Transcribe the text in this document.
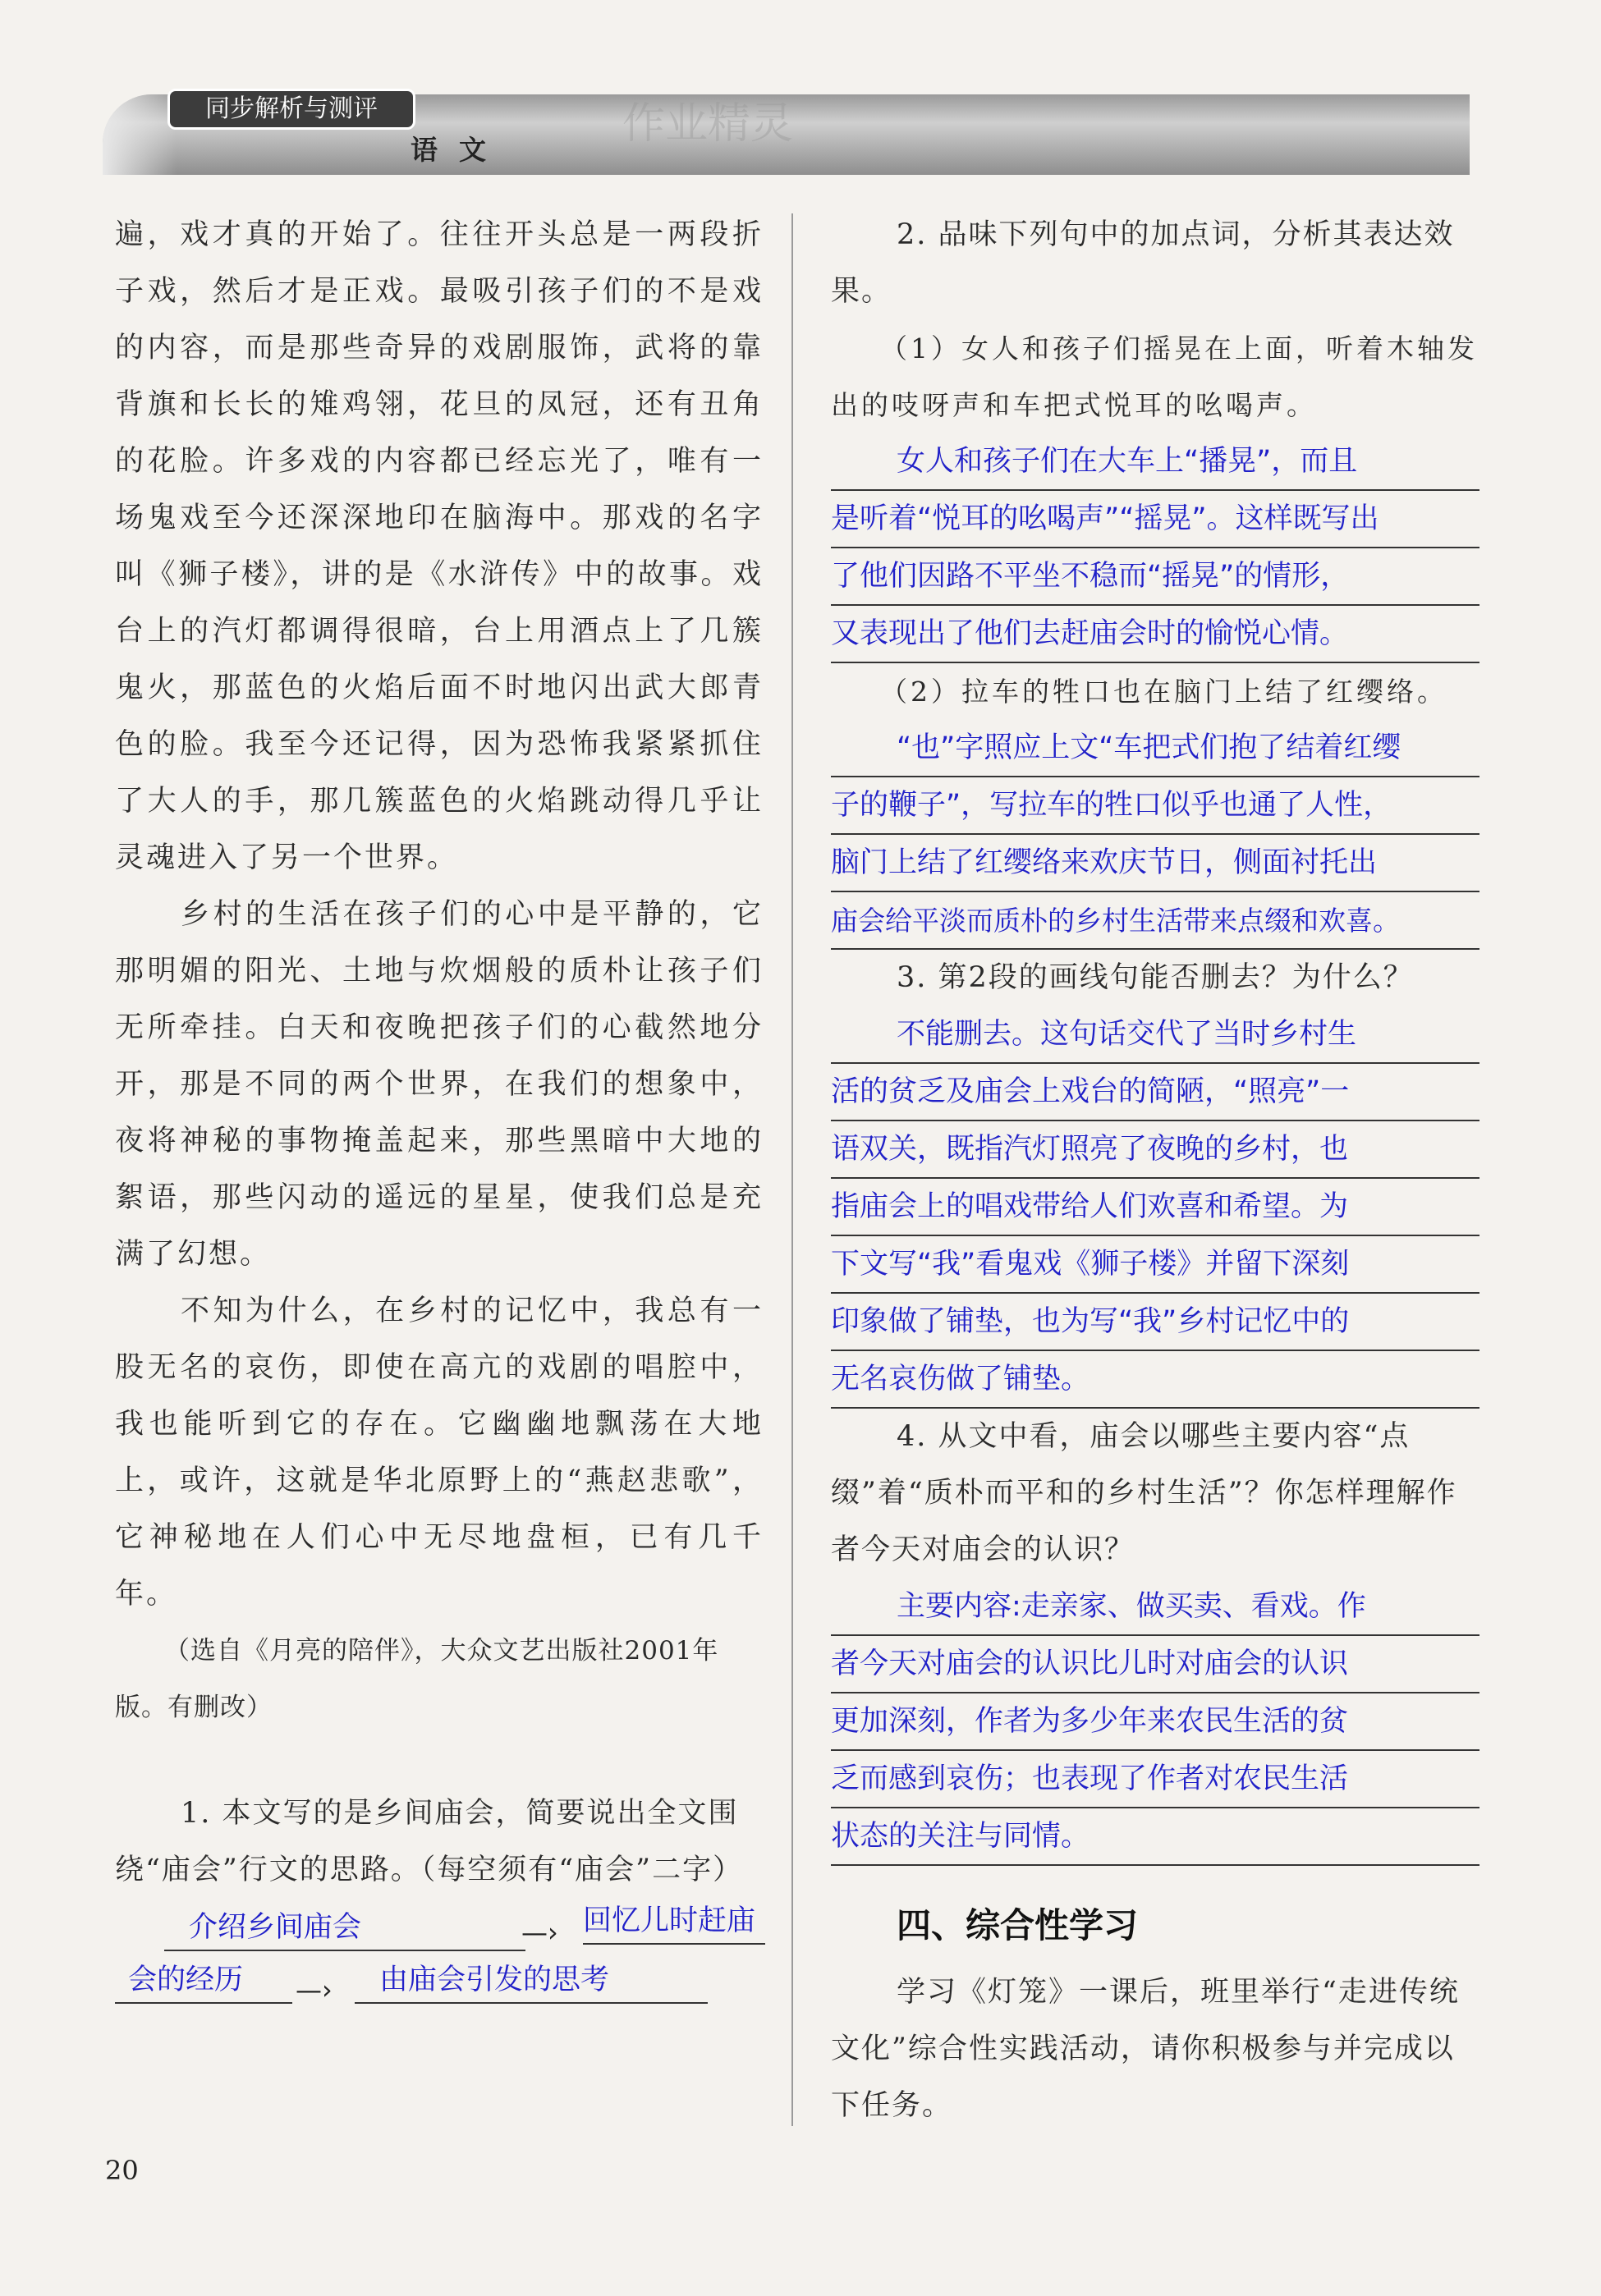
同步解析与测评
语文
作业精灵

遍，戏才真的开始了。往往开头总是一两段折子戏，然后才是正戏。最吸引孩子们的不是戏的内容，而是那些奇异的戏剧服饰，武将的靠背旗和长长的雉鸡翎，花旦的凤冠，还有丑角的花脸。许多戏的内容都已经忘光了，唯有一场鬼戏至今还深深地印在脑海中。那戏的名字叫《狮子楼》，讲的是《水浒传》中的故事。戏台上的汽灯都调得很暗，台上用酒点上了几簇鬼火，那蓝色的火焰后面不时地闪出武大郎青色的脸。我至今还记得，因为恐怖我紧紧抓住了大人的手，那几簇蓝色的火焰跳动得几乎让灵魂进入了另一个世界。

乡村的生活在孩子们的心中是平静的，它那明媚的阳光、土地与炊烟般的质朴让孩子们无所牵挂。白天和夜晚把孩子们的心截然地分开，那是不同的两个世界，在我们的想象中，夜将神秘的事物掩盖起来，那些黑暗中大地的絮语，那些闪动的遥远的星星，使我们总是充满了幻想。

不知为什么，在乡村的记忆中，我总有一股无名的哀伤，即使在高亢的戏剧的唱腔中，我也能听到它的存在。它幽幽地飘荡在大地上，或许，这就是华北原野上的“燕赵悲歌”，它神秘地在人们心中无尽地盘桓，已有几千年。

（选自《月亮的陪伴》，大众文艺出版社2001年版。有删改）

1. 本文写的是乡间庙会，简要说出全文围绕“庙会”行文的思路。（每空须有“庙会”二字）

介绍乡间庙会	—› 回忆儿时赶庙
会的经历	—›	由庙会引发的思考

2. 品味下列句中的加点词，分析其表达效果。

（1）女人和孩子们摇晃在上面，听着木轴发出的吱呀声和车把式悦耳的吆喝声。

女人和孩子们在大车上“播晃”，而且
是听着“悦耳的吆喝声”“摇晃”。这样既写出
了他们因路不平坐不稳而“摇晃”的情形，
又表现出了他们去赶庙会时的愉悦心情。

（2）拉车的牲口也在脑门上结了红缨络。

“也”字照应上文“车把式们抱了结着红缨
子的鞭子”，写拉车的牲口似乎也通了人性，
脑门上结了红缨络来欢庆节日，侧面衬托出
庙会给平淡而质朴的乡村生活带来点缀和欢喜。

3. 第2段的画线句能否删去？为什么？

不能删去。这句话交代了当时乡村生
活的贫乏及庙会上戏台的简陋，“照亮”一
语双关，既指汽灯照亮了夜晚的乡村，也
指庙会上的唱戏带给人们欢喜和希望。为
下文写“我”看鬼戏《狮子楼》并留下深刻
印象做了铺垫，也为写“我”乡村记忆中的
无名哀伤做了铺垫。

4. 从文中看，庙会以哪些主要内容“点缀”着“质朴而平和的乡村生活”？你怎样理解作者今天对庙会的认识？

主要内容:走亲家、做买卖、看戏。作
者今天对庙会的认识比儿时对庙会的认识
更加深刻，作者为多少年来农民生活的贫
乏而感到哀伤；也表现了作者对农民生活
状态的关注与同情。
四、综合性学习

学习《灯笼》一课后，班里举行“走进传统文化”综合性实践活动，请你积极参与并完成以下任务。

20
